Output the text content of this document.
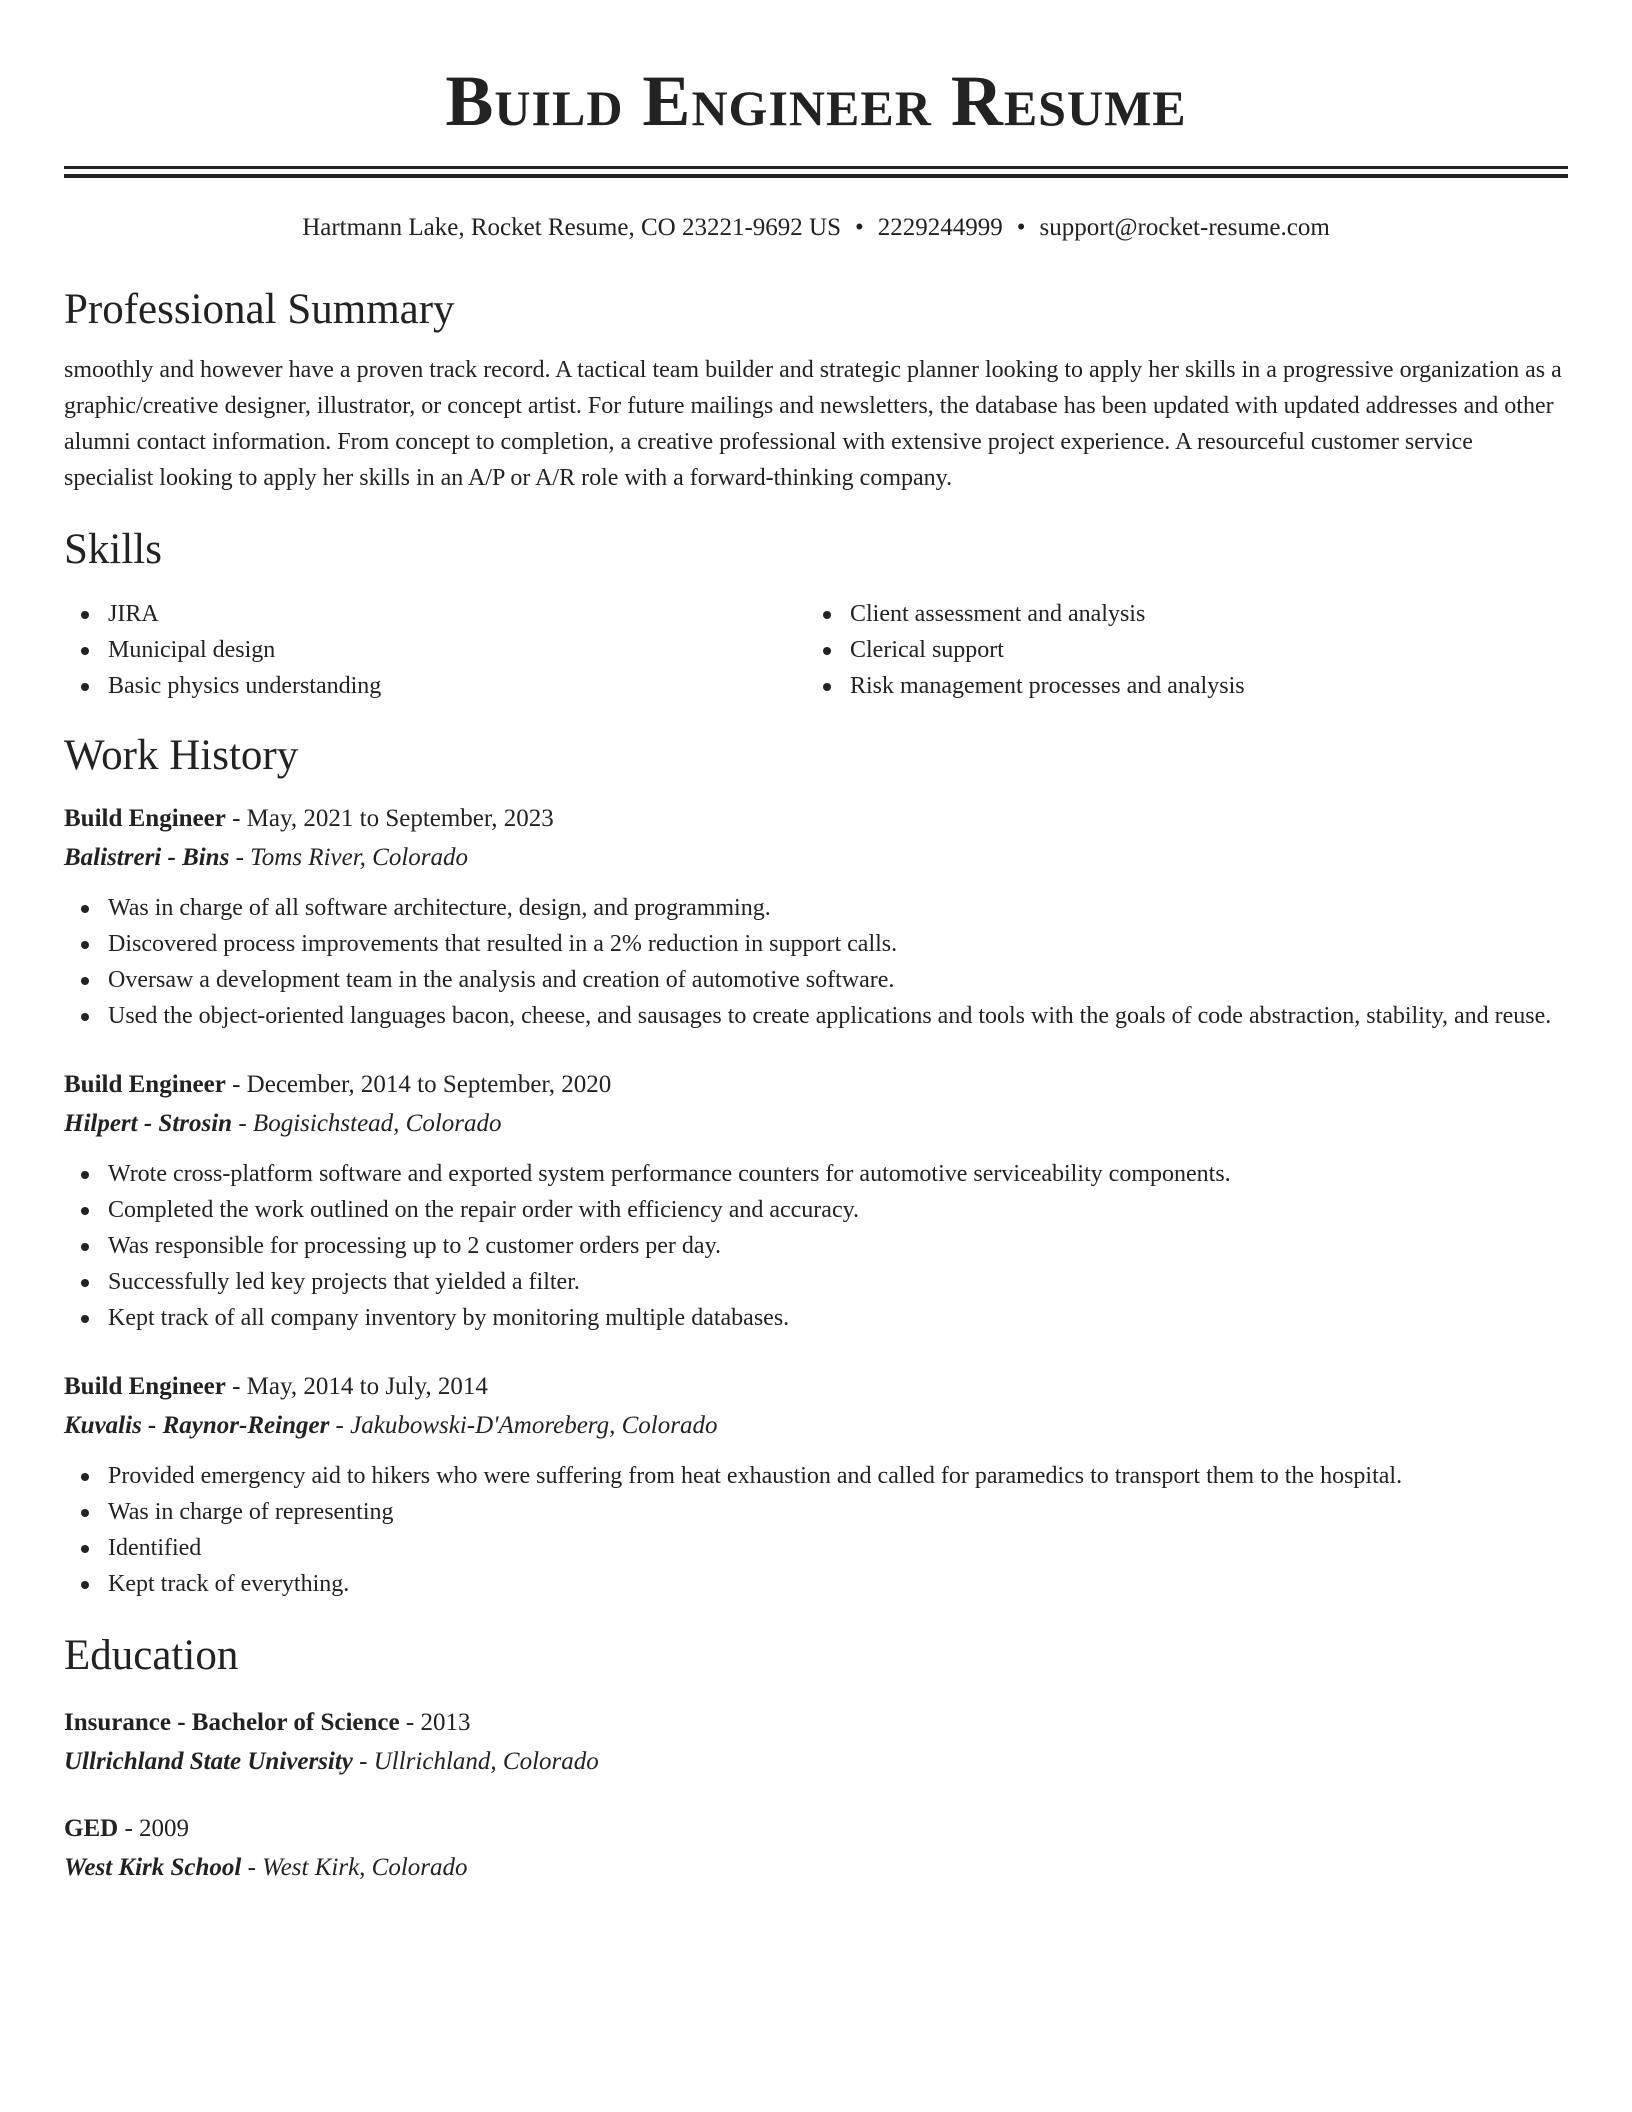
Build Engineer Resume
Hartmann Lake, Rocket Resume, CO 23221-9692 US • 2229244999 • support@rocket-resume.com
Professional Summary

smoothly and however have a proven track record. A tactical team builder and strategic planner looking to apply her skills in a progressive organization as a graphic/creative designer, illustrator, or concept artist. For future mailings and newsletters, the database has been updated with updated addresses and other alumni contact information. From concept to completion, a creative professional with extensive project experience. A resourceful customer service specialist looking to apply her skills in an A/P or A/R role with a forward-thinking company.

Skills
JIRA	Client assessment and analysis
Municipal design	Clerical support
Basic physics understanding	Risk management processes and analysis
Work History
Build Engineer - May, 2021 to September, 2023
Balistreri - Bins - Toms River, Colorado
Was in charge of all software architecture, design, and programming.
Discovered process improvements that resulted in a 2% reduction in support calls.
Oversaw a development team in the analysis and creation of automotive software.
Used the object-oriented languages bacon, cheese, and sausages to create applications and tools with the goals of code abstraction, stability, and reuse.
Build Engineer - December, 2014 to September, 2020
Hilpert - Strosin - Bogisichstead, Colorado
Wrote cross-platform software and exported system performance counters for automotive serviceability components.
Completed the work outlined on the repair order with efficiency and accuracy.
Was responsible for processing up to 2 customer orders per day.
Successfully led key projects that yielded a filter.
Kept track of all company inventory by monitoring multiple databases.
Build Engineer - May, 2014 to July, 2014
Kuvalis - Raynor-Reinger - Jakubowski-D'Amoreberg, Colorado
Provided emergency aid to hikers who were suffering from heat exhaustion and called for paramedics to transport them to the hospital.
Was in charge of representing
Identified
Kept track of everything.
Education
Insurance - Bachelor of Science - 2013
Ullrichland State University - Ullrichland, Colorado
GED - 2009
West Kirk School - West Kirk, Colorado
